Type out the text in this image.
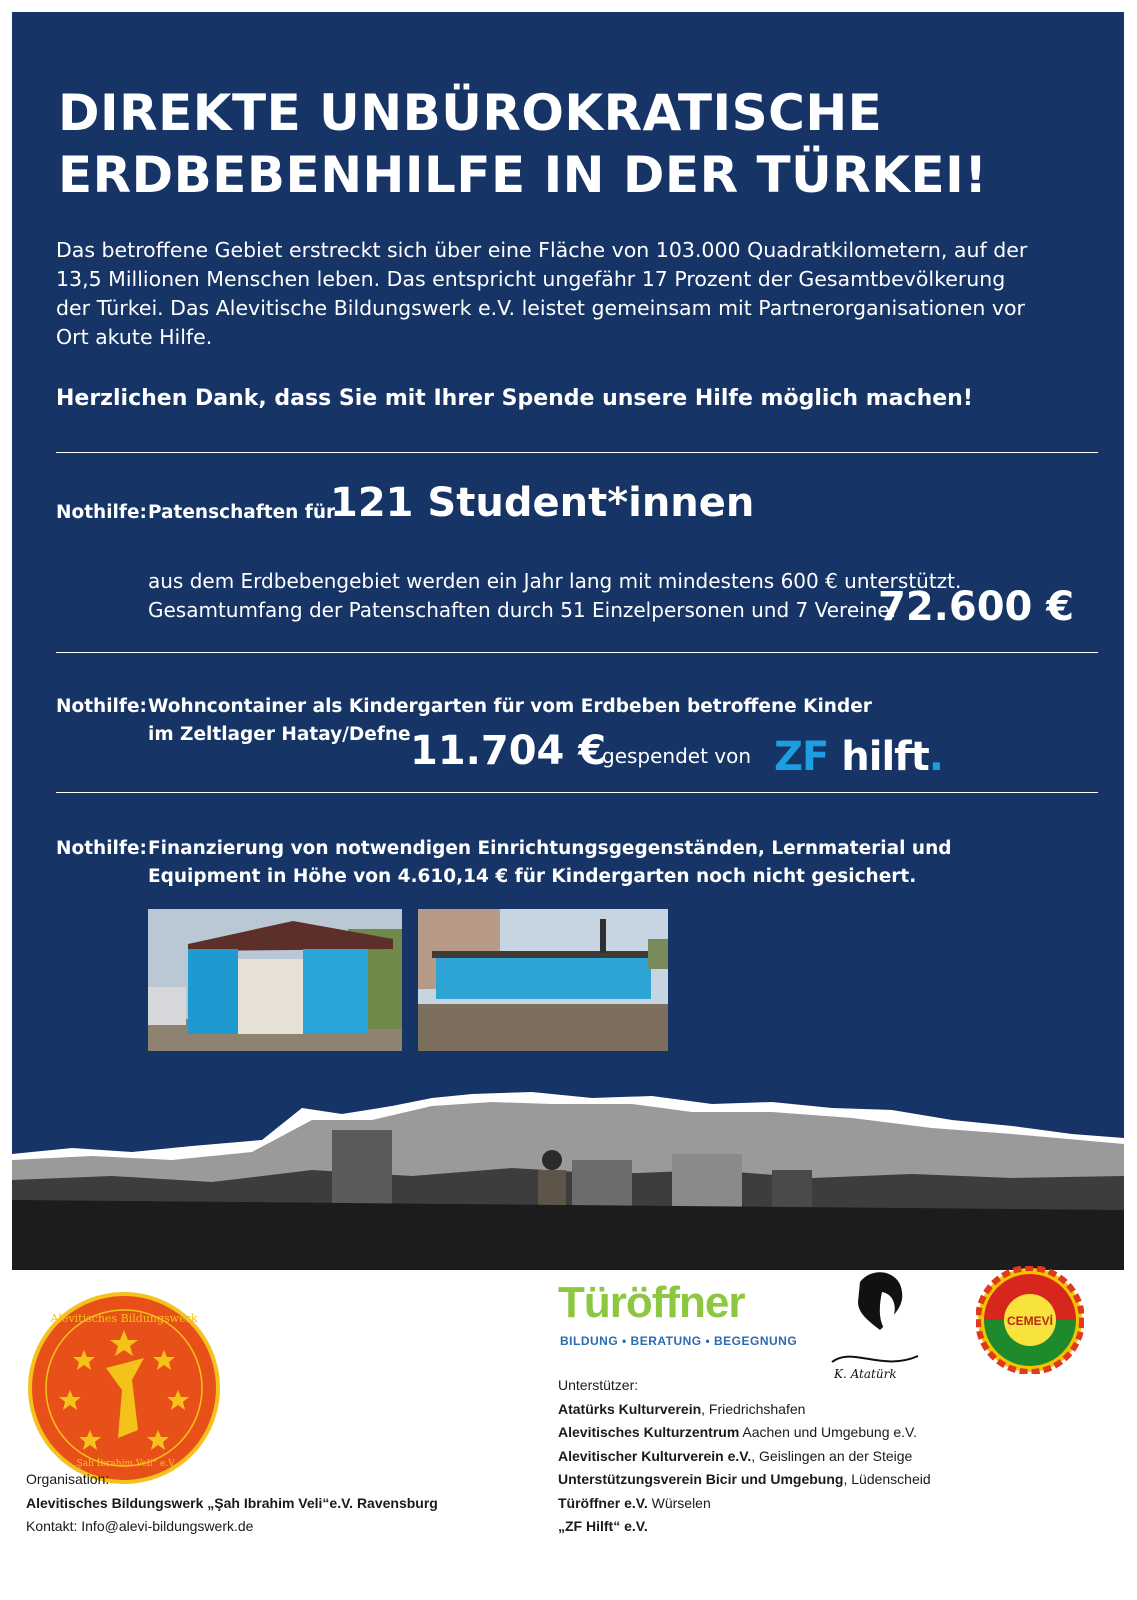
DIREKTE UNBÜROKRATISCHE
ERDBEBENHILFE IN DER TÜRKEI!
Das betroffene Gebiet erstreckt sich über eine Fläche von 103.000 Quadratkilometern, auf der
13,5 Millionen Menschen leben. Das entspricht ungefähr 17 Prozent der Gesamtbevölkerung
der Türkei. Das Alevitische Bildungswerk e.V. leistet gemeinsam mit Partnerorganisationen vor
Ort akute Hilfe.
Herzlichen Dank, dass Sie mit Ihrer Spende unsere Hilfe möglich machen!
Nothilfe: Patenschaften für
121 Student*innen
aus dem Erdbebengebiet werden ein Jahr lang mit mindestens 600 € unterstützt.
Gesamtumfang der Patenschaften durch 51 Einzelpersonen und 7 Vereine:
72.600 €
Nothilfe: Wohncontainer als Kindergarten für vom Erdbeben betroffene Kinder
im Zeltlager Hatay/Defne 11.704 €
gespendet von ZF hilft.
Nothilfe: Finanzierung von notwendigen Einrichtungsgegenständen, Lernmaterial und
Equipment in Höhe von 4.610,14 € für Kindergarten noch nicht gesichert.
Alevitisches Bildungswerk
„Şah İbrahim Veli“ e.V.
Türöffner
BILDUNG • BERATUNG • BEGEGNUNG
K. Atatürk
CEMEVİ
Organisation:
Alevitisches Bildungswerk „Şah Ibrahim Veli“e.V. Ravensburg
Kontakt: Info@alevi-bildungswerk.de
Unterstützer:
Atatürks Kulturverein, Friedrichshafen
Alevitisches Kulturzentrum Aachen und Umgebung e.V.
Alevitischer Kulturverein e.V., Geislingen an der Steige
Unterstützungsverein Bicir und Umgebung, Lüdenscheid
Türöffner e.V. Würselen
„ZF Hilft“ e.V.
